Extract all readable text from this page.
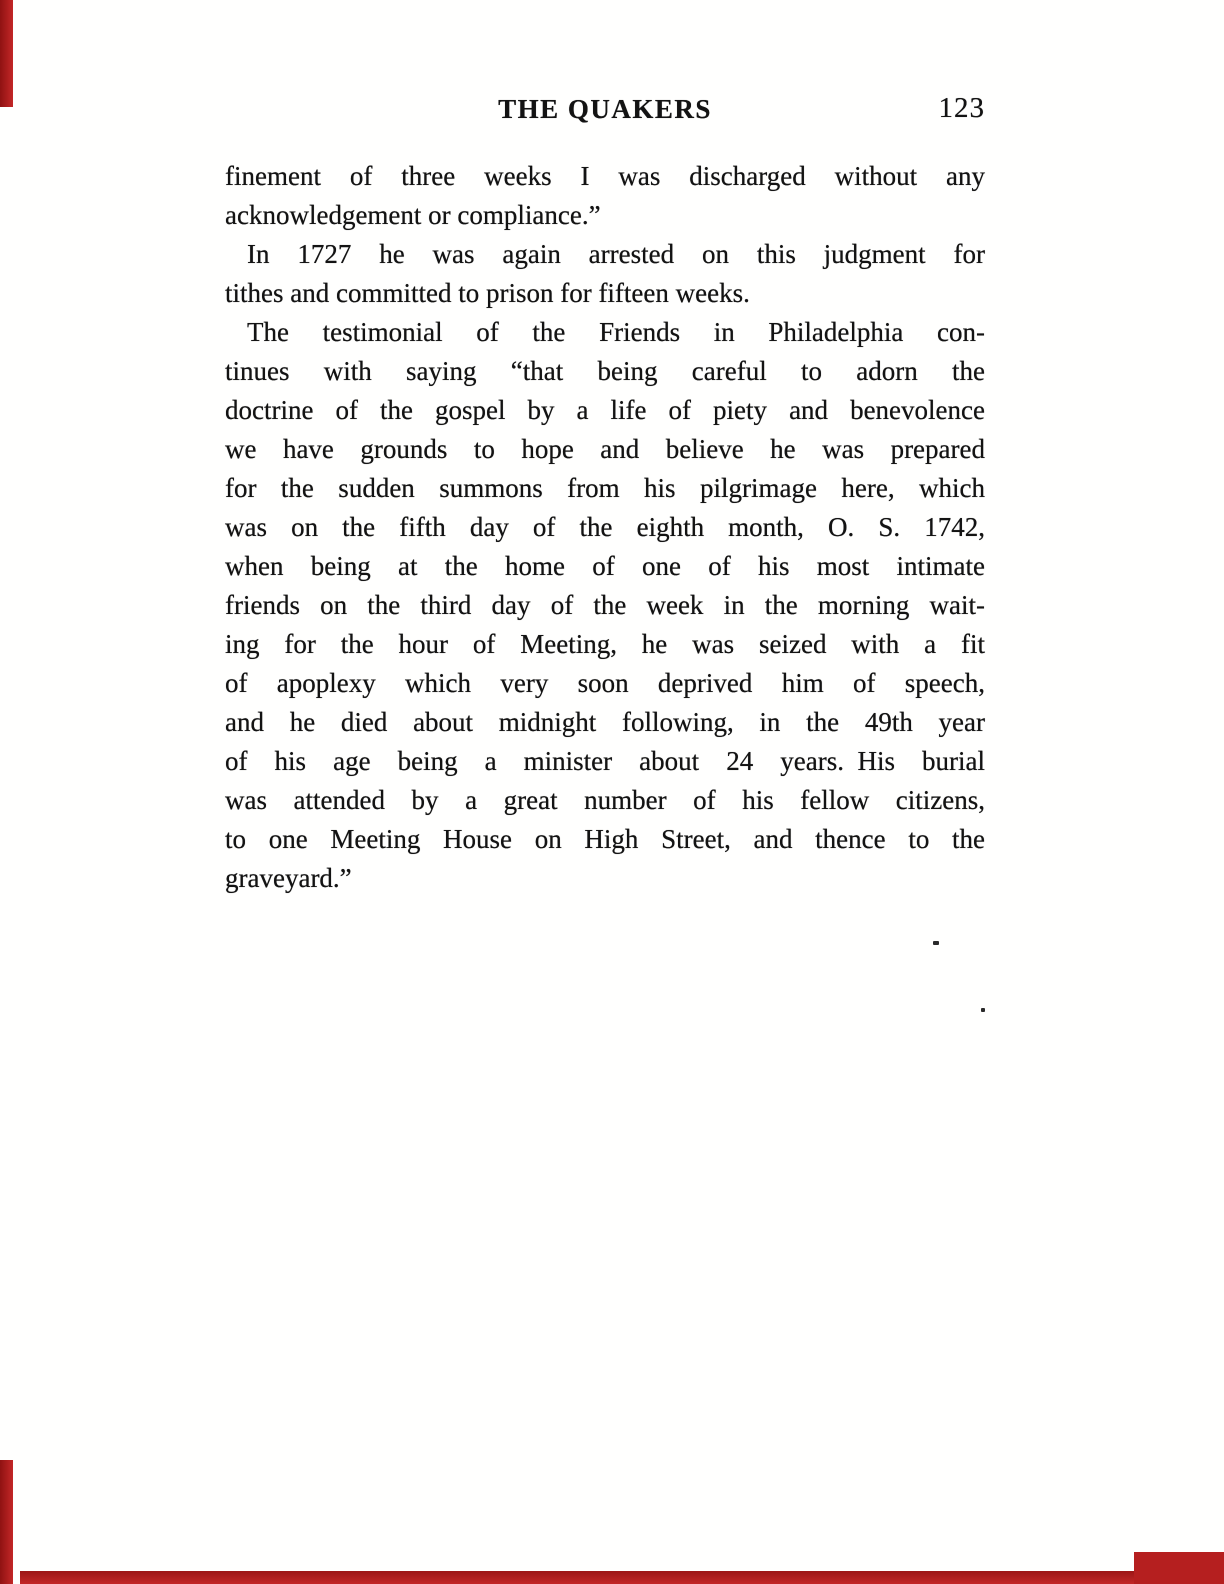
THE QUAKERS	123
finement of three weeks I was discharged without any
acknowledgement or compliance.”
In 1727 he was again arrested on this judgment for
tithes and committed to prison for fifteen weeks.
The testimonial of the Friends in Philadelphia con-
tinues with saying “that being careful to adorn the
doctrine of the gospel by a life of piety and benevolence
we have grounds to hope and believe he was prepared
for the sudden summons from his pilgrimage here, which
was on the fifth day of the eighth month, O. S. 1742,
when being at the home of one of his most intimate
friends on the third day of the week in the morning wait-
ing for the hour of Meeting, he was seized with a fit
of apoplexy which very soon deprived him of speech,
and he died about midnight following, in the 49th year
of his age being a minister about 24 years. His burial
was attended by a great number of his fellow citizens,
to one Meeting House on High Street, and thence to the
graveyard.”
